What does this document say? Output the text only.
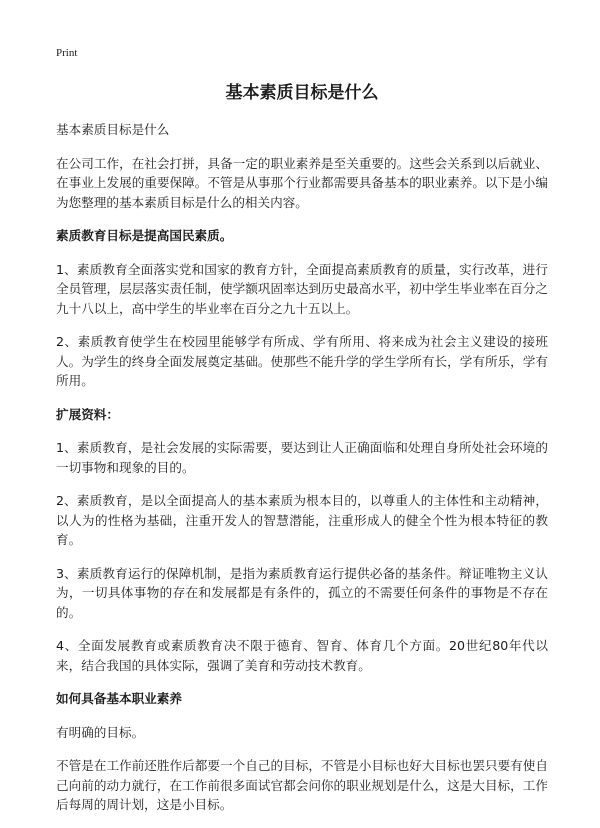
Print
基本素质目标是什么
基本素质目标是什么
在公司工作，在社会打拼，具备一定的职业素养是至关重要的。这些会关系到以后就业、在事业上发展的重要保障。不管是从事那个行业都需要具备基本的职业素养。以下是小编为您整理的基本素质目标是什么的相关内容。
素质教育目标是提高国民素质。
1、素质教育全面落实党和国家的教育方针，全面提高素质教育的质量，实行改革，进行全员管理，层层落实责任制，使学额巩固率达到历史最高水平，初中学生毕业率在百分之九十八以上，高中学生的毕业率在百分之九十五以上。
2、素质教育使学生在校园里能够学有所成、学有所用、将来成为社会主义建设的接班人。为学生的终身全面发展奠定基础。使那些不能升学的学生学所有长，学有所乐，学有所用。
扩展资料：
1、素质教育，是社会发展的实际需要，要达到让人正确面临和处理自身所处社会环境的一切事物和现象的目的。
2、素质教育，是以全面提高人的基本素质为根本目的，以尊重人的主体性和主动精神，以人为的性格为基础，注重开发人的智慧潜能，注重形成人的健全个性为根本特征的教育。
3、素质教育运行的保障机制，是指为素质教育运行提供必备的基条件。辩证唯物主义认为，一切具体事物的存在和发展都是有条件的，孤立的不需要任何条件的事物是不存在的。
4、全面发展教育或素质教育决不限于德育、智育、体育几个方面。20世纪80年代以来，结合我国的具体实际，强调了美育和劳动技术教育。
如何具备基本职业素养
有明确的目标。
不管是在工作前还胜作后都要一个自己的目标，不管是小目标也好大目标也罢只要有使自己向前的动力就行，在工作前很多面试官都会问你的职业规划是什么，这是大目标，工作后每周的周计划，这是小目标。
